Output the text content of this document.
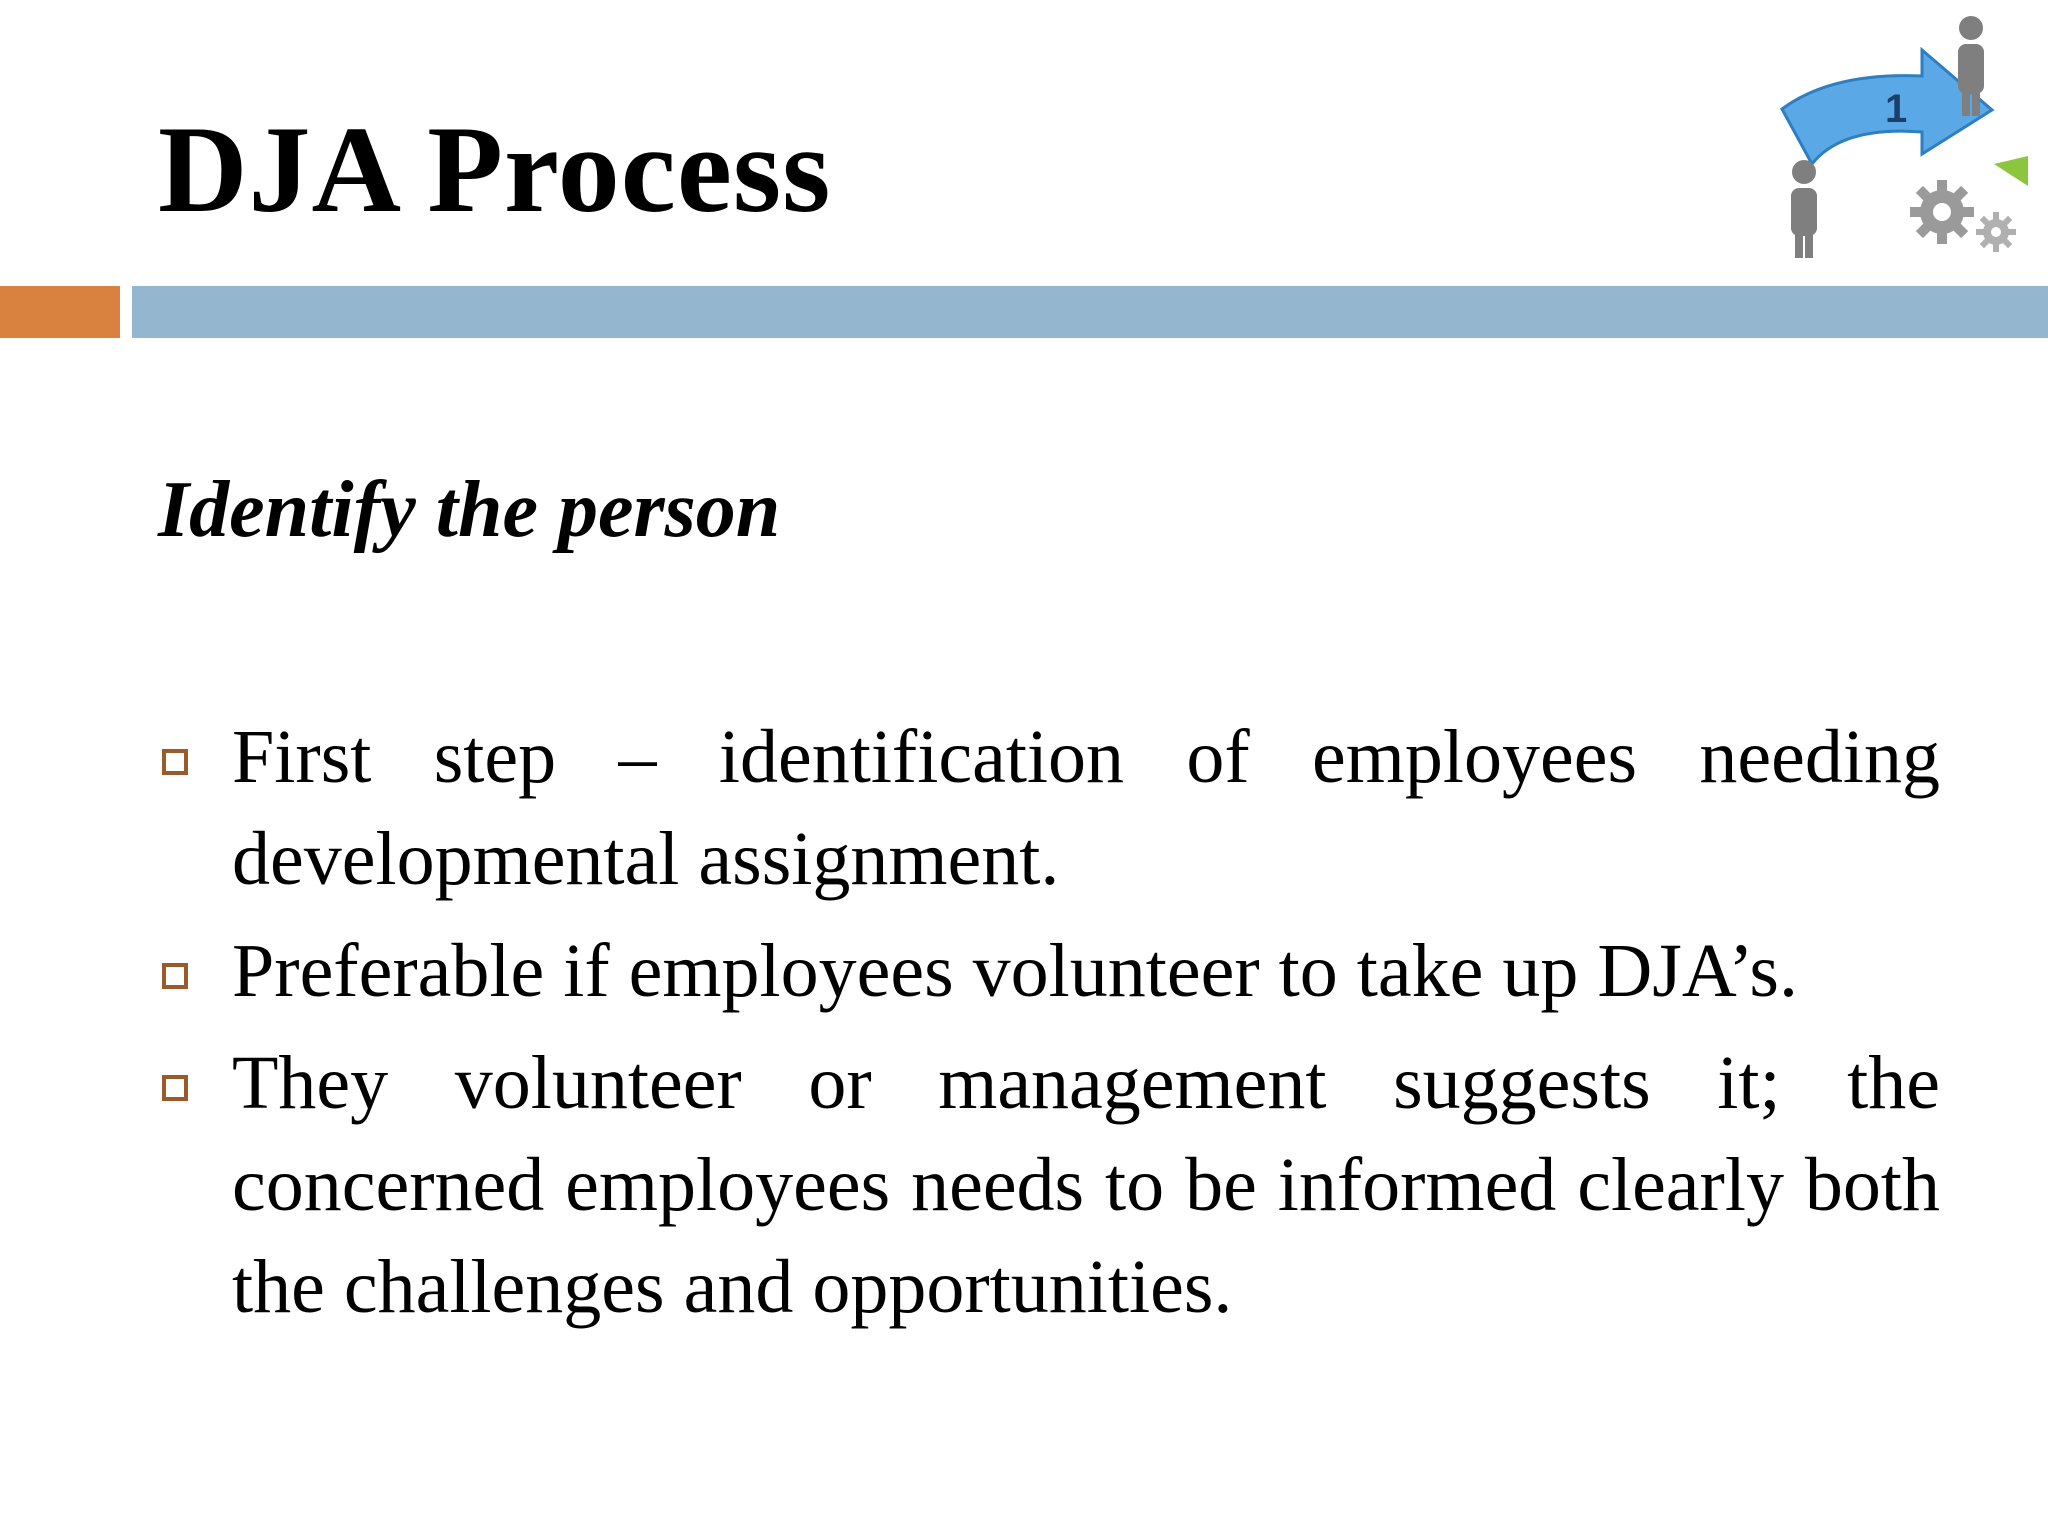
DJA Process	1
Identify the person
First step – identification of employees needing developmental assignment.
Preferable if employees volunteer to take up DJA’s.
They volunteer or management suggests it; the concerned employees needs to be informed clearly both the challenges and opportunities.
